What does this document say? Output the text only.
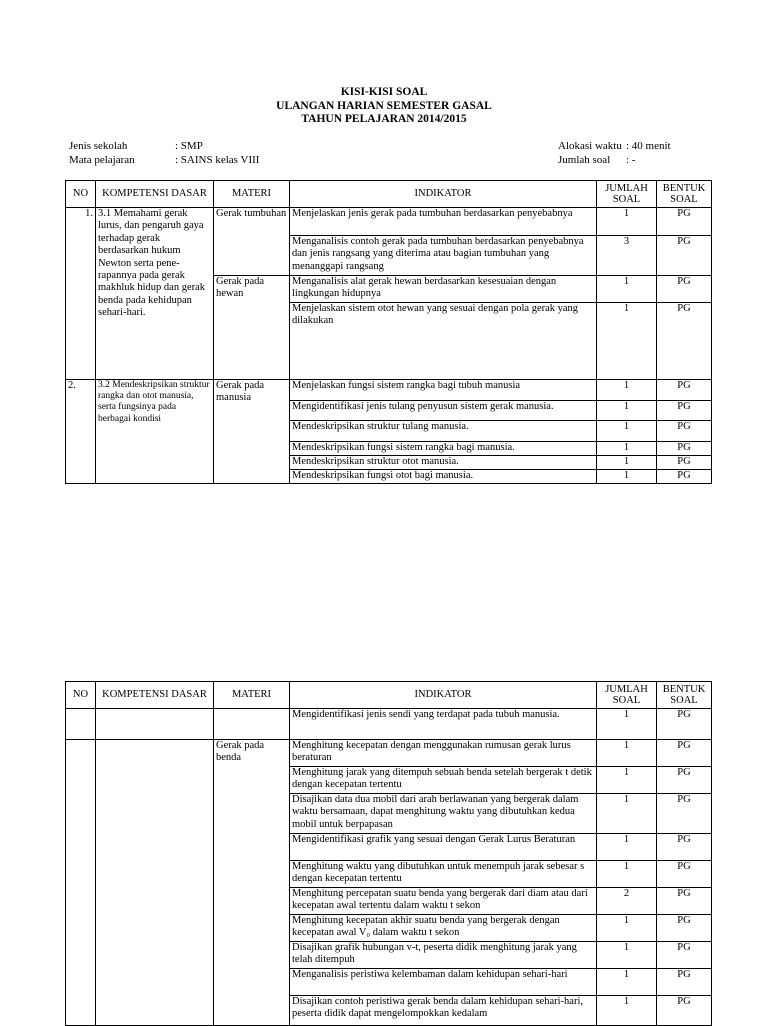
KISI-KISI SOAL
ULANGAN HARIAN SEMESTER GASAL
TAHUN PELAJARAN 2014/2015
Jenis sekolah	: SMP
Mata pelajaran	: SAINS kelas VIII
Alokasi waktu : 40 menit
Jumlah soal	: -
NO	KOMPETENSI DASAR	MATERI	INDIKATOR	JUMLAH SOAL	BENTUK SOAL
1.	3.1 Memahami gerak lurus, dan pengaruh gaya terhadap gerak berdasarkan hukum Newton serta pene-rapannya pada gerak makhluk hidup dan gerak benda pada kehidupan sehari-hari.	Gerak tumbuhan	Menjelaskan jenis gerak pada tumbuhan berdasarkan penyebabnya	1	PG
			Menganalisis contoh gerak pada tumbuhan berdasarkan penyebabnya dan jenis rangsang yang diterima atau bagian tumbuhan yang menanggapi rangsang	3	PG
		Gerak pada hewan	Menganalisis alat gerak hewan berdasarkan kesesuaian dengan lingkungan hidupnya	1	PG
			Menjelaskan sistem otot hewan yang sesuai dengan pola gerak yang dilakukan	1	PG
2.	3.2 Mendeskripsikan struktur rangka dan otot manusia, serta fungsinya pada berbagai kondisi	Gerak pada manusia	Menjelaskan fungsi sistem rangka bagi tubuh manusia	1	PG
			Mengidentifikasi jenis tulang penyusun sistem gerak manusia.	1	PG
			Mendeskripsikan struktur tulang manusia.	1	PG
			Mendeskripsikan fungsi sistem rangka bagi manusia.	1	PG
			Mendeskripsikan struktur otot manusia.	1	PG
			Mendeskripsikan fungsi otot bagi manusia.	1	PG
NO	KOMPETENSI DASAR	MATERI	INDIKATOR	JUMLAH SOAL	BENTUK SOAL
			Mengidentifikasi jenis sendi yang terdapat pada tubuh manusia.	1	PG
		Gerak pada benda	Menghitung kecepatan dengan menggunakan rumusan gerak lurus beraturan	1	PG
			Menghitung jarak yang ditempuh sebuah benda setelah bergerak t detik dengan kecepatan tertentu	1	PG
			Disajikan data dua mobil dari arah berlawanan yang bergerak dalam waktu bersamaan, dapat menghitung waktu yang dibutuhkan kedua mobil untuk berpapasan	1	PG
			Mengidentifikasi grafik yang sesuai dengan Gerak Lurus Beraturan	1	PG
			Menghitung waktu yang dibutuhkan untuk menempuh jarak sebesar s dengan kecepatan tertentu	1	PG
			Menghitung percepatan suatu benda yang bergerak dari diam atau dari kecepatan awal tertentu dalam waktu t sekon	2	PG
			Menghitung kecepatan akhir suatu benda yang bergerak dengan kecepatan awal V₀ dalam waktu t sekon	1	PG
			Disajikan grafik hubungan v-t, peserta didik menghitung jarak yang telah ditempuh	1	PG
			Menganalisis peristiwa kelembaman dalam kehidupan sehari-hari	1	PG
			Disajikan contoh peristiwa gerak benda dalam kehidupan sehari-hari, peserta didik dapat mengelompokkan kedalam	1	PG
